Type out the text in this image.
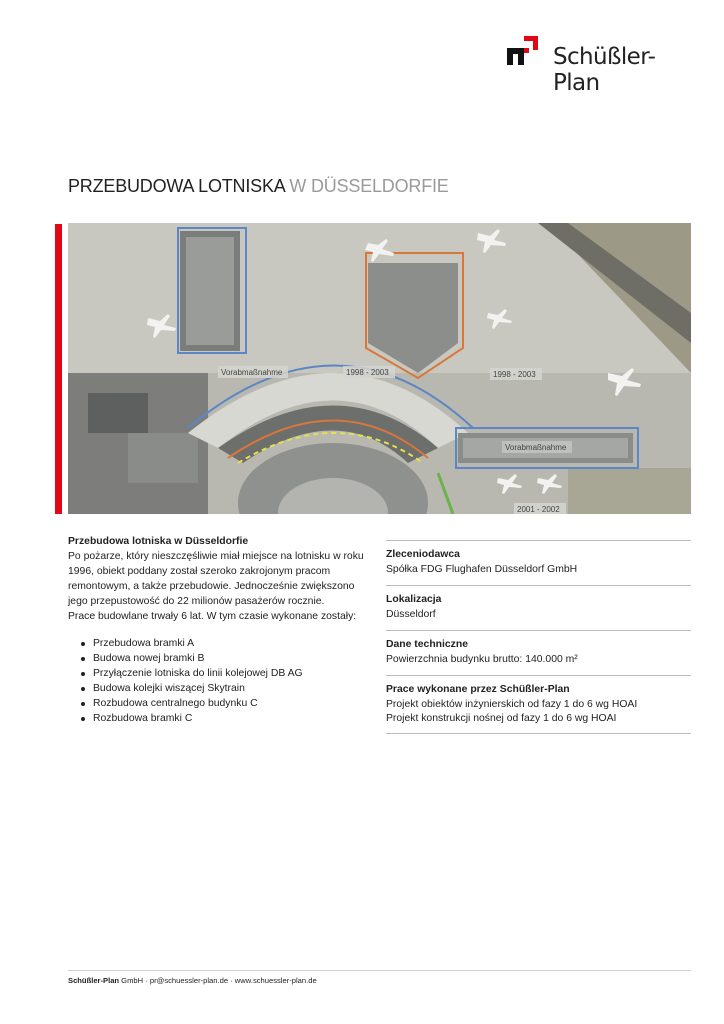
Schüßler-Plan
PRZEBUDOWA LOTNISKA W DÜSSELDORFIE
Vorabmaßnahme	1998 - 2003	1998 - 2003
Vorabmaßnahme
2001 - 2002
Przebudowa lotniska w Düsseldorfie

Po pożarze, który nieszczęśliwie miał miejsce na lotnisku w roku 1996, obiekt poddany został szeroko zakrojonym pracom remontowym, a także przebudowie. Jednocześnie zwiększono jego przepustowość do 22 milionów pasażerów rocznie.

Prace budowlane trwały 6 lat. W tym czasie wykonane zostały:

Przebudowa bramki A
Budowa nowej bramki B
Przyłączenie lotniska do linii kolejowej DB AG
Budowa kolejki wiszącej Skytrain
Rozbudowa centralnego budynku C
Rozbudowa bramki C
Zleceniodawca
Spółka FDG Flughafen Düsseldorf GmbH
Lokalizacja
Düsseldorf
Dane techniczne
Powierzchnia budynku brutto: 140.000 m²
Prace wykonane przez Schüßler-Plan
Projekt obiektów inżynierskich od fazy 1 do 6 wg HOAI
Projekt konstrukcji nośnej od fazy 1 do 6 wg HOAI
Schüßler-Plan GmbH · pr@schuessler-plan.de · www.schuessler-plan.de
